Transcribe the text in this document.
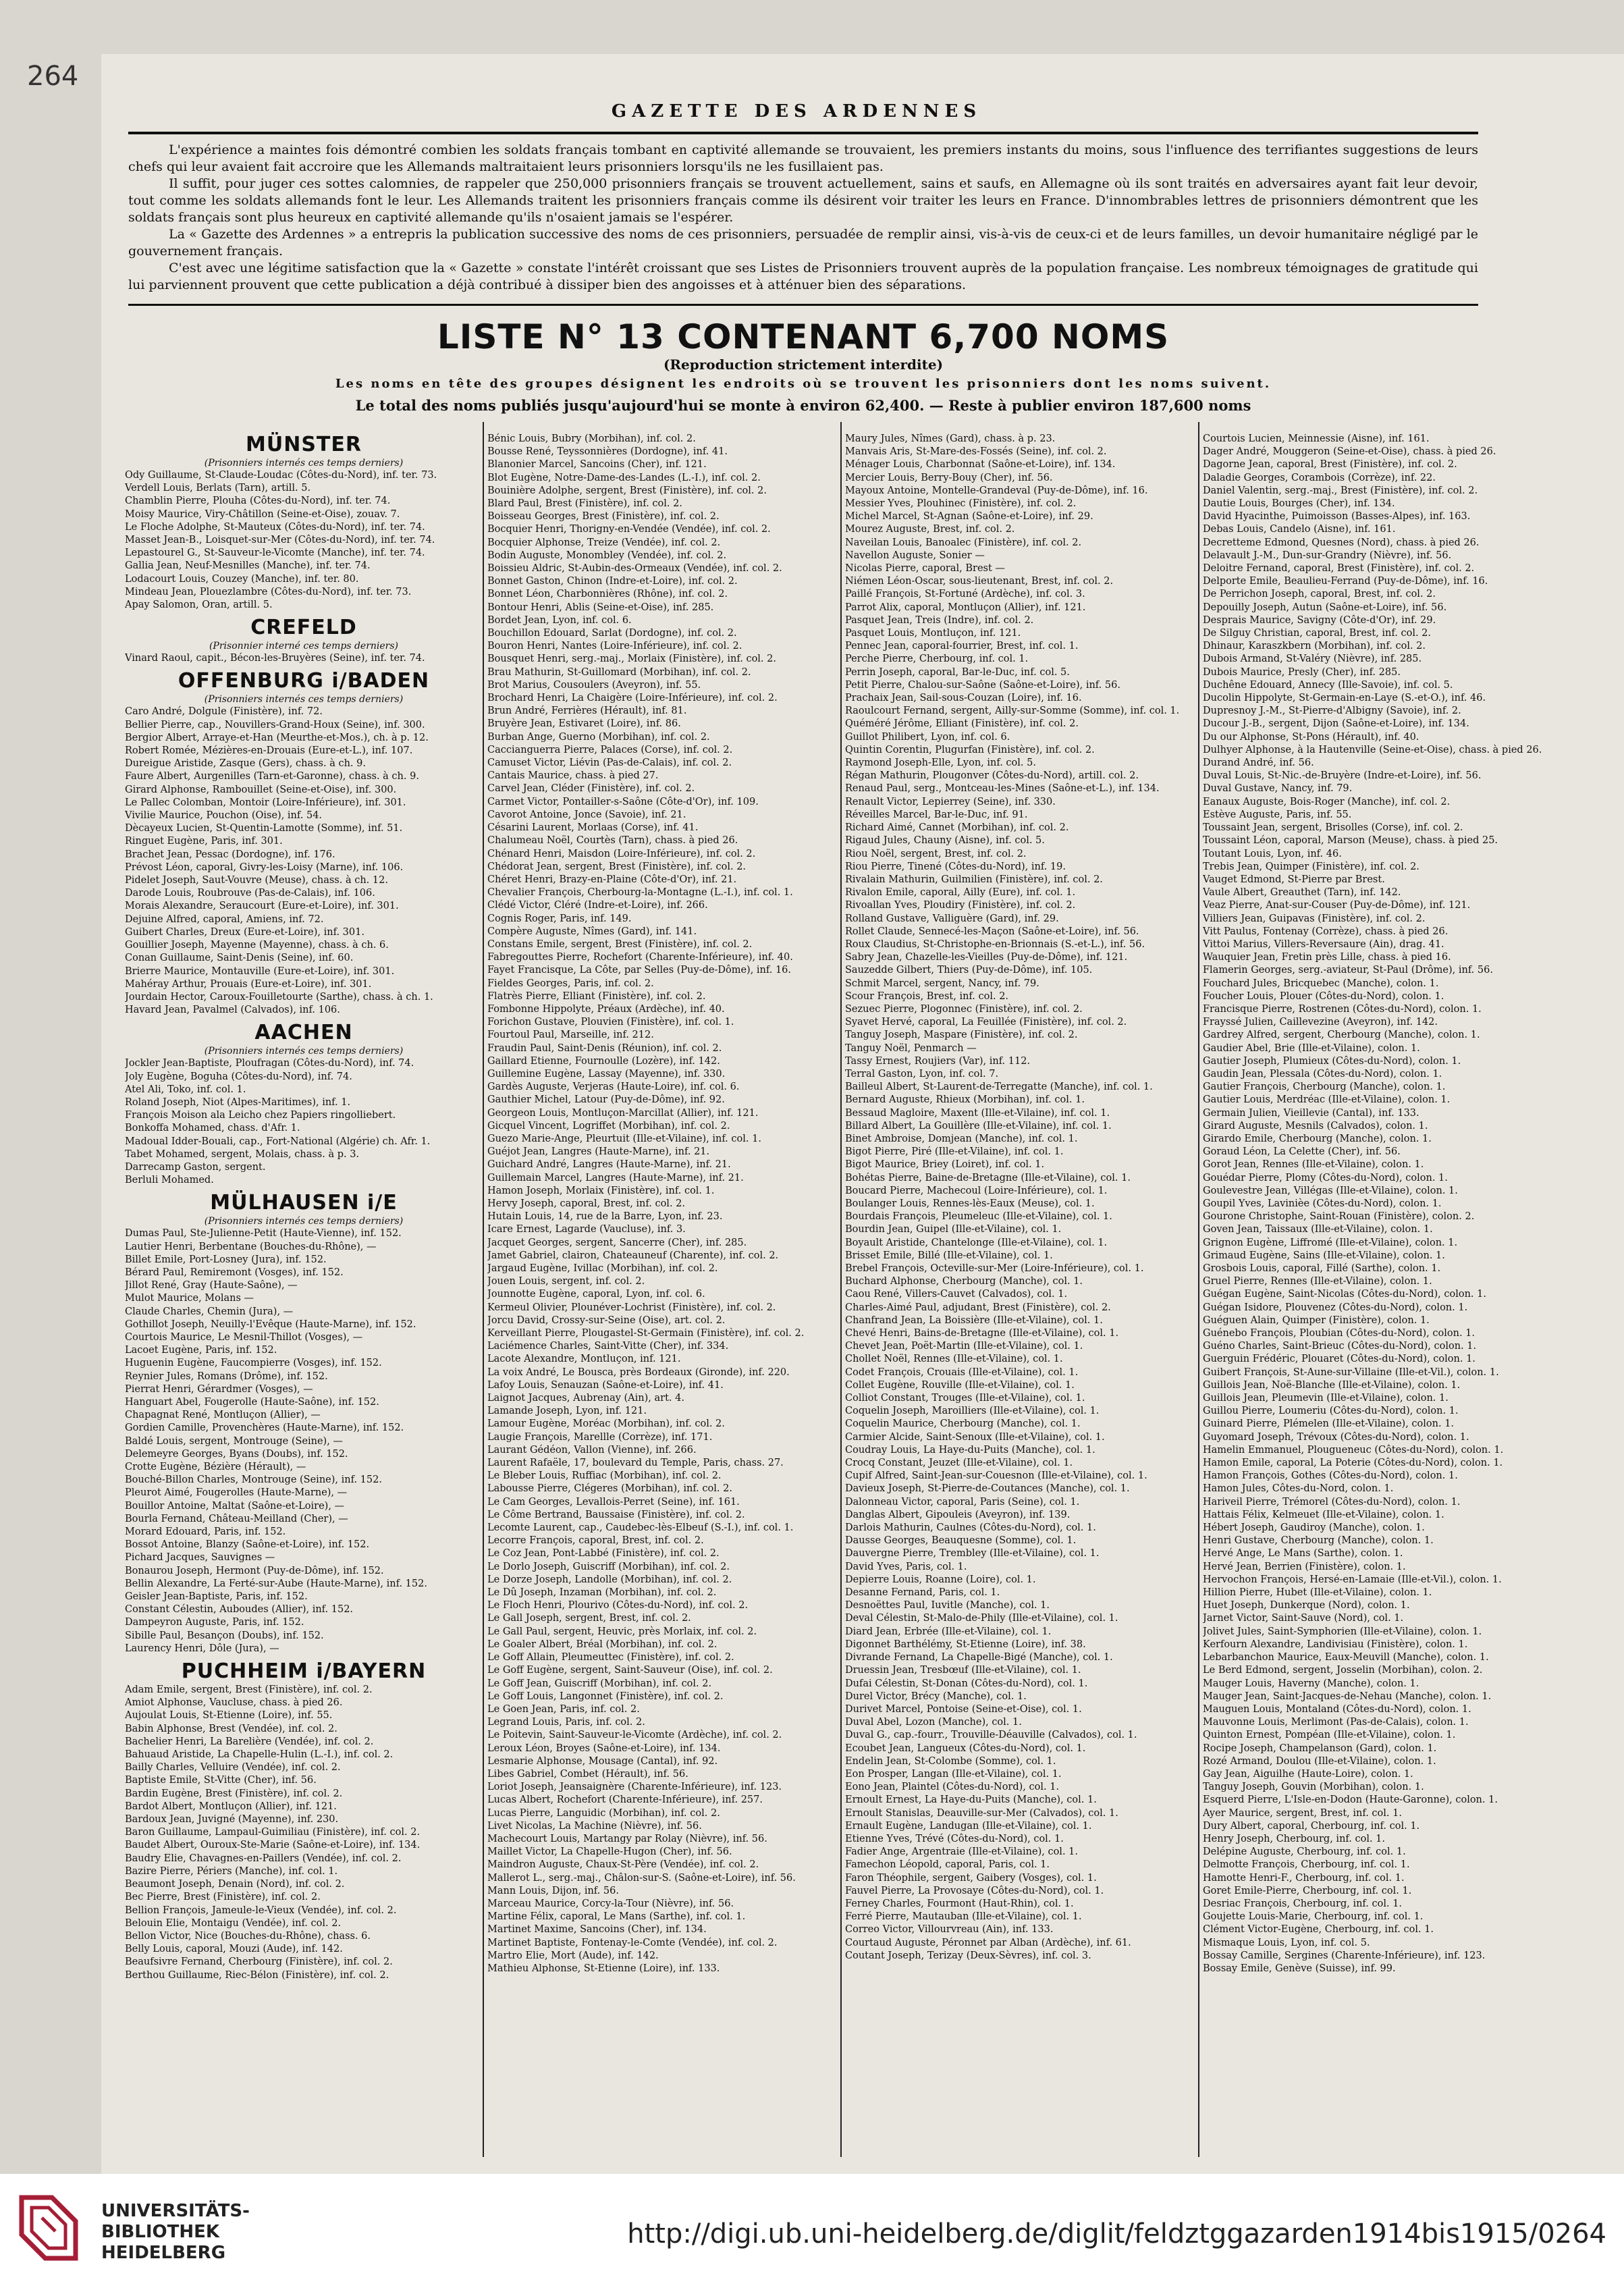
264
GAZETTE DES ARDENNES

L'expérience a maintes fois démontré combien les soldats français tombant en captivité allemande se trouvaient, les premiers instants du moins, sous l'influence des terrifiantes suggestions de leurs chefs qui leur avaient fait accroire que les Allemands maltraitaient leurs prisonniers lorsqu'ils ne les fusillaient pas.

Il suffit, pour juger ces sottes calomnies, de rappeler que 250,000 prisonniers français se trouvent actuellement, sains et saufs, en Allemagne où ils sont traités en adversaires ayant fait leur devoir, tout comme les soldats allemands font le leur. Les Allemands traitent les prisonniers français comme ils désirent voir traiter les leurs en France. D'innombrables lettres de prisonniers démontrent que les soldats français sont plus heureux en captivité allemande qu'ils n'osaient jamais se l'espérer.

La « Gazette des Ardennes » a entrepris la publication successive des noms de ces prisonniers, persuadée de remplir ainsi, vis-à-vis de ceux-ci et de leurs familles, un devoir humanitaire négligé par le gouvernement français.

C'est avec une légitime satisfaction que la « Gazette » constate l'intérêt croissant que ses Listes de Prisonniers trouvent auprès de la population française. Les nombreux témoignages de gratitude qui lui parviennent prouvent que cette publication a déjà contribué à dissiper bien des angoisses et à atténuer bien des séparations.

LISTE N° 13 CONTENANT 6,700 NOMS
(Reproduction strictement interdite)
Les noms en tête des groupes désignent les endroits où se trouvent les prisonniers dont les noms suivent.
Le total des noms publiés jusqu'aujourd'hui se monte à environ 62,400. — Reste à publier environ 187,600 noms
MÜNSTER
(Prisonniers internés ces temps derniers)
Ody Guillaume, St-Claude-Loudac (Côtes-du-Nord), inf. ter. 73.
Verdell Louis, Berlats (Tarn), artill. 5.
Chamblin Pierre, Plouha (Côtes-du-Nord), inf. ter. 74.
Moisy Maurice, Viry-Châtillon (Seine-et-Oise), zouav. 7.
Le Floche Adolphe, St-Mauteux (Côtes-du-Nord), inf. ter. 74.
Masset Jean-B., Loisquet-sur-Mer (Côtes-du-Nord), inf. ter. 74.
Lepastourel G., St-Sauveur-le-Vicomte (Manche), inf. ter. 74.
Gallia Jean, Neuf-Mesnilles (Manche), inf. ter. 74.
Lodacourt Louis, Couzey (Manche), inf. ter. 80.
Mindeau Jean, Plouezlambre (Côtes-du-Nord), inf. ter. 73.
Apay Salomon, Oran, artill. 5.
CREFELD
(Prisonnier interné ces temps derniers)
Vinard Raoul, capit., Bécon-les-Bruyères (Seine), inf. ter. 74.
OFFENBURG i/BADEN
(Prisonniers internés ces temps derniers)
Caro André, Dolgule (Finistère), inf. 72.
Bellier Pierre, cap., Nouvillers-Grand-Houx (Seine), inf. 300.
Bergior Albert, Arraye-et-Han (Meurthe-et-Mos.), ch. à p. 12.
Robert Romée, Mézières-en-Drouais (Eure-et-L.), inf. 107.
Dureigue Aristide, Zasque (Gers), chass. à ch. 9.
Faure Albert, Aurgenilles (Tarn-et-Garonne), chass. à ch. 9.
Girard Alphonse, Rambouillet (Seine-et-Oise), inf. 300.
Le Pallec Colomban, Montoir (Loire-Inférieure), inf. 301.
Vivilie Maurice, Pouchon (Oise), inf. 54.
Dècayeux Lucien, St-Quentin-Lamotte (Somme), inf. 51.
Ringuet Eugène, Paris, inf. 301.
Brachet Jean, Pessac (Dordogne), inf. 176.
Prévost Léon, caporal, Givry-les-Loisy (Marne), inf. 106.
Pidelet Joseph, Saut-Vouvre (Meuse), chass. à ch. 12.
Darode Louis, Roubrouve (Pas-de-Calais), inf. 106.
Morais Alexandre, Seraucourt (Eure-et-Loire), inf. 301.
Dejuine Alfred, caporal, Amiens, inf. 72.
Guibert Charles, Dreux (Eure-et-Loire), inf. 301.
Gouillier Joseph, Mayenne (Mayenne), chass. à ch. 6.
Conan Guillaume, Saint-Denis (Seine), inf. 60.
Brierre Maurice, Montauville (Eure-et-Loire), inf. 301.
Mahéray Arthur, Prouais (Eure-et-Loire), inf. 301.
Jourdain Hector, Caroux-Fouilletourte (Sarthe), chass. à ch. 1.
Havard Jean, Pavalmel (Calvados), inf. 106.
AACHEN
(Prisonniers internés ces temps derniers)
Jockler Jean-Baptiste, Ploufragan (Côtes-du-Nord), inf. 74.
Joly Eugène, Boguha (Côtes-du-Nord), inf. 74.
Atel Ali, Toko, inf. col. 1.
Roland Joseph, Niot (Alpes-Maritimes), inf. 1.
François Moison ala Leicho chez Papiers ringolliebert.
Bonkoffa Mohamed, chass. d'Afr. 1.
Madoual Idder-Bouali, cap., Fort-National (Algérie) ch. Afr. 1.
Tabet Mohamed, sergent, Molais, chass. à p. 3.
Darrecamp Gaston, sergent.
Berluli Mohamed.
MÜLHAUSEN i/E
(Prisonniers internés ces temps derniers)
Dumas Paul, Ste-Julienne-Petit (Haute-Vienne), inf. 152.
Lautier Henri, Berbentane (Bouches-du-Rhône), —
Billet Emile, Port-Losney (Jura), inf. 152.
Bérard Paul, Remiremont (Vosges), inf. 152.
Jillot René, Gray (Haute-Saône), —
Mulot Maurice, Molans —
Claude Charles, Chemin (Jura), —
Gothillot Joseph, Neuilly-l'Evêque (Haute-Marne), inf. 152.
Courtois Maurice, Le Mesnil-Thillot (Vosges), —
Lacoet Eugène, Paris, inf. 152.
Huguenin Eugène, Faucompierre (Vosges), inf. 152.
Reynier Jules, Romans (Drôme), inf. 152.
Pierrat Henri, Gérardmer (Vosges), —
Hanguart Abel, Fougerolle (Haute-Saône), inf. 152.
Chapagnat René, Montluçon (Allier), —
Gordien Camille, Provenchères (Haute-Marne), inf. 152.
Baldé Louis, sergent, Montrouge (Seine), —
Delemeyre Georges, Byans (Doubs), inf. 152.
Crotte Eugène, Bézière (Hérault), —
Bouché-Billon Charles, Montrouge (Seine), inf. 152.
Pleurot Aimé, Fougerolles (Haute-Marne), —
Bouillor Antoine, Maltat (Saône-et-Loire), —
Bourla Fernand, Château-Meilland (Cher), —
Morard Edouard, Paris, inf. 152.
Bossot Antoine, Blanzy (Saône-et-Loire), inf. 152.
Pichard Jacques, Sauvignes —
Bonaurou Joseph, Hermont (Puy-de-Dôme), inf. 152.
Bellin Alexandre, La Ferté-sur-Aube (Haute-Marne), inf. 152.
Geisler Jean-Baptiste, Paris, inf. 152.
Constant Célestin, Auboudes (Allier), inf. 152.
Dampeyron Auguste, Paris, inf. 152.
Sibille Paul, Besançon (Doubs), inf. 152.
Laurency Henri, Dôle (Jura), —
PUCHHEIM i/BAYERN
Adam Emile, sergent, Brest (Finistère), inf. col. 2.
Amiot Alphonse, Vaucluse, chass. à pied 26.
Aujoulat Louis, St-Etienne (Loire), inf. 55.
Babin Alphonse, Brest (Vendée), inf. col. 2.
Bachelier Henri, La Barelière (Vendée), inf. col. 2.
Bahuaud Aristide, La Chapelle-Hulin (L.-I.), inf. col. 2.
Bailly Charles, Velluire (Vendée), inf. col. 2.
Baptiste Emile, St-Vitte (Cher), inf. 56.
Bardin Eugène, Brest (Finistère), inf. col. 2.
Bardot Albert, Montluçon (Allier), inf. 121.
Bardoux Jean, Juvigné (Mayenne), inf. 230.
Baron Guillaume, Lampaul-Guimiliau (Finistère), inf. col. 2.
Baudet Albert, Ouroux-Ste-Marie (Saône-et-Loire), inf. 134.
Baudry Elie, Chavagnes-en-Paillers (Vendée), inf. col. 2.
Bazire Pierre, Périers (Manche), inf. col. 1.
Beaumont Joseph, Denain (Nord), inf. col. 2.
Bec Pierre, Brest (Finistère), inf. col. 2.
Bellion François, Jameule-le-Vieux (Vendée), inf. col. 2.
Belouin Elie, Montaigu (Vendée), inf. col. 2.
Bellon Victor, Nice (Bouches-du-Rhône), chass. 6.
Belly Louis, caporal, Mouzi (Aude), inf. 142.
Beaufsivre Fernand, Cherbourg (Finistère), inf. col. 2.
Berthou Guillaume, Riec-Bélon (Finistère), inf. col. 2.
Bénic Louis, Bubry (Morbihan), inf. col. 2.
Bousse René, Teyssonnières (Dordogne), inf. 41.
Blanonier Marcel, Sancoins (Cher), inf. 121.
Blot Eugène, Notre-Dame-des-Landes (L.-I.), inf. col. 2.
Bouinière Adolphe, sergent, Brest (Finistère), inf. col. 2.
Blard Paul, Brest (Finistère), inf. col. 2.
Boisseau Georges, Brest (Finistère), inf. col. 2.
Bocquier Henri, Thorigny-en-Vendée (Vendée), inf. col. 2.
Bocquier Alphonse, Treize (Vendée), inf. col. 2.
Bodin Auguste, Monombley (Vendée), inf. col. 2.
Boissieu Aldric, St-Aubin-des-Ormeaux (Vendée), inf. col. 2.
Bonnet Gaston, Chinon (Indre-et-Loire), inf. col. 2.
Bonnet Léon, Charbonnières (Rhône), inf. col. 2.
Bontour Henri, Ablis (Seine-et-Oise), inf. 285.
Bordet Jean, Lyon, inf. col. 6.
Bouchillon Edouard, Sarlat (Dordogne), inf. col. 2.
Bouron Henri, Nantes (Loire-Inférieure), inf. col. 2.
Bousquet Henri, serg.-maj., Morlaix (Finistère), inf. col. 2.
Brau Mathurin, St-Guillomard (Morbihan), inf. col. 2.
Brot Marius, Cousoulers (Aveyron), inf. 55.
Brochard Henri, La Chaigère (Loire-Inférieure), inf. col. 2.
Brun André, Ferrières (Hérault), inf. 81.
Bruyère Jean, Estivaret (Loire), inf. 86.
Burban Ange, Guerno (Morbihan), inf. col. 2.
Caccianguerra Pierre, Palaces (Corse), inf. col. 2.
Camuset Victor, Liévin (Pas-de-Calais), inf. col. 2.
Cantais Maurice, chass. à pied 27.
Carvel Jean, Cléder (Finistère), inf. col. 2.
Carmet Victor, Pontailler-s-Saône (Côte-d'Or), inf. 109.
Cavorot Antoine, Jonce (Savoie), inf. 21.
Césarini Laurent, Morlaas (Corse), inf. 41.
Chalumeau Noël, Courtès (Tarn), chass. à pied 26.
Chénard Henri, Maisdon (Loire-Inférieure), inf. col. 2.
Chédorat Jean, sergent, Brest (Finistère), inf. col. 2.
Chéret Henri, Brazy-en-Plaine (Côte-d'Or), inf. 21.
Chevalier François, Cherbourg-la-Montagne (L.-I.), inf. col. 1.
Clédé Victor, Cléré (Indre-et-Loire), inf. 266.
Cognis Roger, Paris, inf. 149.
Compère Auguste, Nîmes (Gard), inf. 141.
Constans Emile, sergent, Brest (Finistère), inf. col. 2.
Fabregouttes Pierre, Rochefort (Charente-Inférieure), inf. 40.
Fayet Francisque, La Côte, par Selles (Puy-de-Dôme), inf. 16.
Fieldes Georges, Paris, inf. col. 2.
Flatrès Pierre, Elliant (Finistère), inf. col. 2.
Fombonne Hippolyte, Préaux (Ardèche), inf. 40.
Forichon Gustave, Plouvien (Finistère), inf. col. 1.
Fourtoul Paul, Marseille, inf. 212.
Fraudin Paul, Saint-Denis (Réunion), inf. col. 2.
Gaillard Etienne, Fournoulle (Lozère), inf. 142.
Guillemine Eugène, Lassay (Mayenne), inf. 330.
Gardès Auguste, Verjeras (Haute-Loire), inf. col. 6.
Gauthier Michel, Latour (Puy-de-Dôme), inf. 92.
Georgeon Louis, Montluçon-Marcillat (Allier), inf. 121.
Gicquel Vincent, Logriffet (Morbihan), inf. col. 2.
Guezo Marie-Ange, Pleurtuit (Ille-et-Vilaine), inf. col. 1.
Guéjot Jean, Langres (Haute-Marne), inf. 21.
Guichard André, Langres (Haute-Marne), inf. 21.
Guillemain Marcel, Langres (Haute-Marne), inf. 21.
Hamon Joseph, Morlaix (Finistère), inf. col. 1.
Hervy Joseph, caporal, Brest, inf. col. 2.
Hutain Louis, 14, rue de la Barre, Lyon, inf. 23.
Icare Ernest, Lagarde (Vaucluse), inf. 3.
Jacquet Georges, sergent, Sancerre (Cher), inf. 285.
Jamet Gabriel, clairon, Chateauneuf (Charente), inf. col. 2.
Jargaud Eugène, Ivillac (Morbihan), inf. col. 2.
Jouen Louis, sergent, inf. col. 2.
Jounnotte Eugène, caporal, Lyon, inf. col. 6.
Kermeul Olivier, Plounéver-Lochrist (Finistère), inf. col. 2.
Jorcu David, Crossy-sur-Seine (Oise), art. col. 2.
Kerveillant Pierre, Plougastel-St-Germain (Finistère), inf. col. 2.
Laciémence Charles, Saint-Vitte (Cher), inf. 334.
Lacote Alexandre, Montluçon, inf. 121.
La voix André, Le Bousca, près Bordeaux (Gironde), inf. 220.
Lafoy Louis, Senauzan (Saône-et-Loire), inf. 41.
Laignot Jacques, Aubrenay (Ain), art. 4.
Lamande Joseph, Lyon, inf. 121.
Lamour Eugène, Moréac (Morbihan), inf. col. 2.
Laugie François, Marellle (Corrèze), inf. 171.
Laurant Gédéon, Vallon (Vienne), inf. 266.
Laurent Rafaële, 17, boulevard du Temple, Paris, chass. 27.
Le Bleber Louis, Ruffiac (Morbihan), inf. col. 2.
Labousse Pierre, Clégeres (Morbihan), inf. col. 2.
Le Cam Georges, Levallois-Perret (Seine), inf. 161.
Le Côme Bertrand, Baussaise (Finistère), inf. col. 2.
Lecomte Laurent, cap., Caudebec-lès-Elbeuf (S.-I.), inf. col. 1.
Lecorre François, caporal, Brest, inf. col. 2.
Le Coz Jean, Pont-Labbé (Finistère), inf. col. 2.
Le Dorlo Joseph, Guiscriff (Morbihan), inf. col. 2.
Le Dorze Joseph, Landolle (Morbihan), inf. col. 2.
Le Dû Joseph, Inzaman (Morbihan), inf. col. 2.
Le Floch Henri, Plourivo (Côtes-du-Nord), inf. col. 2.
Le Gall Joseph, sergent, Brest, inf. col. 2.
Le Gall Paul, sergent, Heuvic, près Morlaix, inf. col. 2.
Le Goaler Albert, Bréal (Morbihan), inf. col. 2.
Le Goff Allain, Pleumeuttec (Finistère), inf. col. 2.
Le Goff Eugène, sergent, Saint-Sauveur (Oise), inf. col. 2.
Le Goff Jean, Guiscriff (Morbihan), inf. col. 2.
Le Goff Louis, Langonnet (Finistère), inf. col. 2.
Le Goen Jean, Paris, inf. col. 2.
Legrand Louis, Paris, inf. col. 2.
Le Poitevin, Saint-Sauveur-le-Vicomte (Ardèche), inf. col. 2.
Leroux Léon, Broyes (Saône-et-Loire), inf. 134.
Lesmarie Alphonse, Mousage (Cantal), inf. 92.
Libes Gabriel, Combet (Hérault), inf. 56.
Loriot Joseph, Jeansaignère (Charente-Inférieure), inf. 123.
Lucas Albert, Rochefort (Charente-Inférieure), inf. 257.
Lucas Pierre, Languidic (Morbihan), inf. col. 2.
Livet Nicolas, La Machine (Nièvre), inf. 56.
Machecourt Louis, Martangy par Rolay (Nièvre), inf. 56.
Maillet Victor, La Chapelle-Hugon (Cher), inf. 56.
Maindron Auguste, Chaux-St-Père (Vendée), inf. col. 2.
Mallerot L., serg.-maj., Châlon-sur-S. (Saône-et-Loire), inf. 56.
Mann Louis, Dijon, inf. 56.
Marceau Maurice, Corcy-la-Tour (Nièvre), inf. 56.
Martine Félix, caporal, Le Mans (Sarthe), inf. col. 1.
Martinet Maxime, Sancoins (Cher), inf. 134.
Martinet Baptiste, Fontenay-le-Comte (Vendée), inf. col. 2.
Martro Elie, Mort (Aude), inf. 142.
Mathieu Alphonse, St-Etienne (Loire), inf. 133.
Maury Jules, Nîmes (Gard), chass. à p. 23.
Manvais Aris, St-Mare-des-Fossés (Seine), inf. col. 2.
Ménager Louis, Charbonnat (Saône-et-Loire), inf. 134.
Mercier Louis, Berry-Bouy (Cher), inf. 56.
Mayoux Antoine, Montelle-Grandeval (Puy-de-Dôme), inf. 16.
Messier Yves, Plouhinec (Finistère), inf. col. 2.
Michel Marcel, St-Agnan (Saône-et-Loire), inf. 29.
Mourez Auguste, Brest, inf. col. 2.
Naveilan Louis, Banoalec (Finistère), inf. col. 2.
Navellon Auguste, Sonier —
Nicolas Pierre, caporal, Brest —
Niémen Léon-Oscar, sous-lieutenant, Brest, inf. col. 2.
Paillé François, St-Fortuné (Ardèche), inf. col. 3.
Parrot Alix, caporal, Montluçon (Allier), inf. 121.
Pasquet Jean, Treis (Indre), inf. col. 2.
Pasquet Louis, Montluçon, inf. 121.
Pennec Jean, caporal-fourrier, Brest, inf. col. 1.
Perche Pierre, Cherbourg, inf. col. 1.
Perrin Joseph, caporal, Bar-le-Duc, inf. col. 5.
Petit Pierre, Chalou-sur-Saône (Saône-et-Loire), inf. 56.
Prachaix Jean, Sail-sous-Couzan (Loire), inf. 16.
Raoulcourt Fernand, sergent, Ailly-sur-Somme (Somme), inf. col. 1.
Quéméré Jérôme, Elliant (Finistère), inf. col. 2.
Guillot Philibert, Lyon, inf. col. 6.
Quintin Corentin, Plugurfan (Finistère), inf. col. 2.
Raymond Joseph-Elle, Lyon, inf. col. 5.
Régan Mathurin, Plougonver (Côtes-du-Nord), artill. col. 2.
Renaud Paul, serg., Montceau-les-Mines (Saône-et-L.), inf. 134.
Renault Victor, Lepierrey (Seine), inf. 330.
Réveilles Marcel, Bar-le-Duc, inf. 91.
Richard Aimé, Cannet (Morbihan), inf. col. 2.
Rigaud Jules, Chauny (Aisne), inf. col. 5.
Riou Noël, sergent, Brest, inf. col. 2.
Riou Pierre, Tinené (Côtes-du-Nord), inf. 19.
Rivalain Mathurin, Guilmilien (Finistère), inf. col. 2.
Rivalon Emile, caporal, Ailly (Eure), inf. col. 1.
Rivoallan Yves, Ploudiry (Finistère), inf. col. 2.
Rolland Gustave, Valliguère (Gard), inf. 29.
Rollet Claude, Sennecé-les-Maçon (Saône-et-Loire), inf. 56.
Roux Claudius, St-Christophe-en-Brionnais (S.-et-L.), inf. 56.
Sabry Jean, Chazelle-les-Vieilles (Puy-de-Dôme), inf. 121.
Sauzedde Gilbert, Thiers (Puy-de-Dôme), inf. 105.
Schmit Marcel, sergent, Nancy, inf. 79.
Scour François, Brest, inf. col. 2.
Sezuec Pierre, Plogonnec (Finistère), inf. col. 2.
Syavet Hervé, caporal, La Feuillée (Finistère), inf. col. 2.
Tanguy Joseph, Maspare (Finistère), inf. col. 2.
Tanguy Noël, Penmarch —
Tassy Ernest, Roujiers (Var), inf. 112.
Terral Gaston, Lyon, inf. col. 7.
Bailleul Albert, St-Laurent-de-Terregatte (Manche), inf. col. 1.
Bernard Auguste, Rhieux (Morbihan), inf. col. 1.
Bessaud Magloire, Maxent (Ille-et-Vilaine), inf. col. 1.
Billard Albert, La Gouillère (Ille-et-Vilaine), inf. col. 1.
Binet Ambroise, Domjean (Manche), inf. col. 1.
Bigot Pierre, Piré (Ille-et-Vilaine), inf. col. 1.
Bigot Maurice, Briey (Loiret), inf. col. 1.
Bohétas Pierre, Baine-de-Bretagne (Ille-et-Vilaine), col. 1.
Boucard Pierre, Machecoul (Loire-Inférieure), col. 1.
Boulanger Louis, Rennes-lès-Eaux (Meuse), col. 1.
Bourdais François, Pleumeleuc (Ille-et-Vilaine), col. 1.
Bourdin Jean, Guipel (Ille-et-Vilaine), col. 1.
Boyault Aristide, Chantelonge (Ille-et-Vilaine), col. 1.
Brisset Emile, Billé (Ille-et-Vilaine), col. 1.
Brebel François, Octeville-sur-Mer (Loire-Inférieure), col. 1.
Buchard Alphonse, Cherbourg (Manche), col. 1.
Caou René, Villers-Cauvet (Calvados), col. 1.
Charles-Aimé Paul, adjudant, Brest (Finistère), col. 2.
Chanfrand Jean, La Boissière (Ille-et-Vilaine), col. 1.
Chevé Henri, Bains-de-Bretagne (Ille-et-Vilaine), col. 1.
Chevet Jean, Poët-Martin (Ille-et-Vilaine), col. 1.
Chollet Noël, Rennes (Ille-et-Vilaine), col. 1.
Codet François, Crouais (Ille-et-Vilaine), col. 1.
Collet Eugène, Rouville (Ille-et-Vilaine), col. 1.
Colliot Constant, Trouges (Ille-et-Vilaine), col. 1.
Coquelin Joseph, Maroilliers (Ille-et-Vilaine), col. 1.
Coquelin Maurice, Cherbourg (Manche), col. 1.
Carmier Alcide, Saint-Senoux (Ille-et-Vilaine), col. 1.
Coudray Louis, La Haye-du-Puits (Manche), col. 1.
Crocq Constant, Jeuzet (Ille-et-Vilaine), col. 1.
Cupif Alfred, Saint-Jean-sur-Couesnon (Ille-et-Vilaine), col. 1.
Davieux Joseph, St-Pierre-de-Coutances (Manche), col. 1.
Dalonneau Victor, caporal, Paris (Seine), col. 1.
Danglas Albert, Gipouleis (Aveyron), inf. 139.
Darlois Mathurin, Caulnes (Côtes-du-Nord), col. 1.
Dausse Georges, Beauquesne (Somme), col. 1.
Dauvergne Pierre, Trembley (Ille-et-Vilaine), col. 1.
David Yves, Paris, col. 1.
Depierre Louis, Roanne (Loire), col. 1.
Desanne Fernand, Paris, col. 1.
Desnoëttes Paul, Iuvitle (Manche), col. 1.
Deval Célestin, St-Malo-de-Phily (Ille-et-Vilaine), col. 1.
Diard Jean, Erbrée (Ille-et-Vilaine), col. 1.
Digonnet Barthélémy, St-Etienne (Loire), inf. 38.
Divrande Fernand, La Chapelle-Bigé (Manche), col. 1.
Druessin Jean, Tresbœuf (Ille-et-Vilaine), col. 1.
Dufai Célestin, St-Donan (Côtes-du-Nord), col. 1.
Durel Victor, Brécy (Manche), col. 1.
Durivet Marcel, Pontoise (Seine-et-Oise), col. 1.
Duval Abel, Lozon (Manche), col. 1.
Duval G., cap.-fourr., Trouville-Déauville (Calvados), col. 1.
Ecoubet Jean, Langueux (Côtes-du-Nord), col. 1.
Endelin Jean, St-Colombe (Somme), col. 1.
Eon Prosper, Langan (Ille-et-Vilaine), col. 1.
Eono Jean, Plaintel (Côtes-du-Nord), col. 1.
Ernoult Ernest, La Haye-du-Puits (Manche), col. 1.
Ernoult Stanislas, Deauville-sur-Mer (Calvados), col. 1.
Ernault Eugène, Landugan (Ille-et-Vilaine), col. 1.
Etienne Yves, Trévé (Côtes-du-Nord), col. 1.
Fadier Ange, Argentraie (Ille-et-Vilaine), col. 1.
Famechon Léopold, caporal, Paris, col. 1.
Faron Théophile, sergent, Gaibery (Vosges), col. 1.
Fauvel Pierre, La Provosaye (Côtes-du-Nord), col. 1.
Ferney Charles, Fourmont (Haut-Rhin), col. 1.
Ferré Pierre, Mautauban (Ille-et-Vilaine), col. 1.
Correo Victor, Villourvreau (Ain), inf. 133.
Courtaud Auguste, Péronnet par Alban (Ardèche), inf. 61.
Coutant Joseph, Terizay (Deux-Sèvres), inf. col. 3.
Courtois Lucien, Meinnessie (Aisne), inf. 161.
Dager André, Mouggeron (Seine-et-Oise), chass. à pied 26.
Dagorne Jean, caporal, Brest (Finistère), inf. col. 2.
Daladie Georges, Corambois (Corrèze), inf. 22.
Daniel Valentin, serg.-maj., Brest (Finistère), inf. col. 2.
Dautie Louis, Bourges (Cher), inf. 134.
David Hyacinthe, Puimoisson (Basses-Alpes), inf. 163.
Debas Louis, Candelo (Aisne), inf. 161.
Decretteme Edmond, Quesnes (Nord), chass. à pied 26.
Delavault J.-M., Dun-sur-Grandry (Nièvre), inf. 56.
Deloitre Fernand, caporal, Brest (Finistère), inf. col. 2.
Delporte Emile, Beaulieu-Ferrand (Puy-de-Dôme), inf. 16.
De Perrichon Joseph, caporal, Brest, inf. col. 2.
Depouilly Joseph, Autun (Saône-et-Loire), inf. 56.
Desprais Maurice, Savigny (Côte-d'Or), inf. 29.
De Silguy Christian, caporal, Brest, inf. col. 2.
Dhinaur, Karaszkbern (Morbihan), inf. col. 2.
Dubois Armand, St-Valéry (Nièvre), inf. 285.
Dubois Maurice, Presly (Cher), inf. 285.
Duchêne Edouard, Annecy (Ille-Savoie), inf. col. 5.
Ducolin Hippolyte, St-Germain-en-Laye (S.-et-O.), inf. 46.
Dupresnoy J.-M., St-Pierre-d'Albigny (Savoie), inf. 2.
Ducour J.-B., sergent, Dijon (Saône-et-Loire), inf. 134.
Du our Alphonse, St-Pons (Hérault), inf. 40.
Dulhyer Alphonse, à la Hautenville (Seine-et-Oise), chass. à pied 26.
Durand André, inf. 56.
Duval Louis, St-Nic.-de-Bruyère (Indre-et-Loire), inf. 56.
Duval Gustave, Nancy, inf. 79.
Eanaux Auguste, Bois-Roger (Manche), inf. col. 2.
Estève Auguste, Paris, inf. 55.
Toussaint Jean, sergent, Brisolles (Corse), inf. col. 2.
Toussaint Léon, caporal, Marson (Meuse), chass. à pied 25.
Toutant Louis, Lyon, inf. 46.
Trebis Jean, Quimper (Finistère), inf. col. 2.
Vauget Edmond, St-Pierre par Brest.
Vaule Albert, Greauthet (Tarn), inf. 142.
Veaz Pierre, Anat-sur-Couser (Puy-de-Dôme), inf. 121.
Villiers Jean, Guipavas (Finistère), inf. col. 2.
Vitt Paulus, Fontenay (Corrèze), chass. à pied 26.
Vittoi Marius, Villers-Reversaure (Ain), drag. 41.
Wauquier Jean, Fretin près Lille, chass. à pied 16.
Flamerin Georges, serg.-aviateur, St-Paul (Drôme), inf. 56.
Fouchard Jules, Bricquebec (Manche), colon. 1.
Foucher Louis, Plouer (Côtes-du-Nord), colon. 1.
Francisque Pierre, Rostrenen (Côtes-du-Nord), colon. 1.
Frayssé Julien, Caillevezine (Aveyron), inf. 142.
Gardrey Alfred, sergent, Cherbourg (Manche), colon. 1.
Gaudier Abel, Brie (Ille-et-Vilaine), colon. 1.
Gautier Joseph, Plumieux (Côtes-du-Nord), colon. 1.
Gaudin Jean, Plessala (Côtes-du-Nord), colon. 1.
Gautier François, Cherbourg (Manche), colon. 1.
Gautier Louis, Merdréac (Ille-et-Vilaine), colon. 1.
Germain Julien, Vieillevie (Cantal), inf. 133.
Girard Auguste, Mesnils (Calvados), colon. 1.
Girardo Emile, Cherbourg (Manche), colon. 1.
Goraud Léon, La Celette (Cher), inf. 56.
Gorot Jean, Rennes (Ille-et-Vilaine), colon. 1.
Gouédar Pierre, Plomy (Côtes-du-Nord), colon. 1.
Goulevestre Jean, Villégas (Ille-et-Vilaine), colon. 1.
Goupil Yves, Lavinièe (Côtes-du-Nord), colon. 1.
Gourone Christophe, Saint-Rouan (Finistère), colon. 2.
Goven Jean, Taissaux (Ille-et-Vilaine), colon. 1.
Grignon Eugène, Liffromé (Ille-et-Vilaine), colon. 1.
Grimaud Eugène, Sains (Ille-et-Vilaine), colon. 1.
Grosbois Louis, caporal, Fillé (Sarthe), colon. 1.
Gruel Pierre, Rennes (Ille-et-Vilaine), colon. 1.
Guégan Eugène, Saint-Nicolas (Côtes-du-Nord), colon. 1.
Guégan Isidore, Plouvenez (Côtes-du-Nord), colon. 1.
Guéguen Alain, Quimper (Finistère), colon. 1.
Guénebo François, Ploubian (Côtes-du-Nord), colon. 1.
Guéno Charles, Saint-Brieuc (Côtes-du-Nord), colon. 1.
Guerguin Frédéric, Plouaret (Côtes-du-Nord), colon. 1.
Guibert François, St-Aune-sur-Villaine (Ille-et-Vil.), colon. 1.
Guillois Jean, Noë-Blanche (Ille-et-Vilaine), colon. 1.
Guillois Jean, Pleumevin (Ille-et-Vilaine), colon. 1.
Guillou Pierre, Loumeriu (Côtes-du-Nord), colon. 1.
Guinard Pierre, Plémelen (Ille-et-Vilaine), colon. 1.
Guyomard Joseph, Trévoux (Côtes-du-Nord), colon. 1.
Hamelin Emmanuel, Plougueneuc (Côtes-du-Nord), colon. 1.
Hamon Emile, caporal, La Poterie (Côtes-du-Nord), colon. 1.
Hamon François, Gothes (Côtes-du-Nord), colon. 1.
Hamon Jules, Côtes-du-Nord, colon. 1.
Hariveil Pierre, Trémorel (Côtes-du-Nord), colon. 1.
Hattais Félix, Kelmeuet (Ille-et-Vilaine), colon. 1.
Hébert Joseph, Gaudiroy (Manche), colon. 1.
Henri Gustave, Cherbourg (Manche), colon. 1.
Hervé Ange, Le Mans (Sarthe), colon. 1.
Hervé Jean, Berrien (Finistère), colon. 1.
Hervochon François, Hersé-en-Lamaie (Ille-et-Vil.), colon. 1.
Hillion Pierre, Hubet (Ille-et-Vilaine), colon. 1.
Huet Joseph, Dunkerque (Nord), colon. 1.
Jarnet Victor, Saint-Sauve (Nord), col. 1.
Jolivet Jules, Saint-Symphorien (Ille-et-Vilaine), colon. 1.
Kerfourn Alexandre, Landivisiau (Finistère), colon. 1.
Lebarbanchon Maurice, Eaux-Meuvill (Manche), colon. 1.
Le Berd Edmond, sergent, Josselin (Morbihan), colon. 2.
Mauger Louis, Haverny (Manche), colon. 1.
Mauger Jean, Saint-Jacques-de-Nehau (Manche), colon. 1.
Mauguen Louis, Montaland (Côtes-du-Nord), colon. 1.
Mauvonne Louis, Merlimont (Pas-de-Calais), colon. 1.
Quinton Ernest, Pompéan (Ille-et-Vilaine), colon. 1.
Rocipe Joseph, Champelanson (Gard), colon. 1.
Rozé Armand, Doulou (Ille-et-Vilaine), colon. 1.
Gay Jean, Aiguilhe (Haute-Loire), colon. 1.
Tanguy Joseph, Gouvin (Morbihan), colon. 1.
Esquerd Pierre, L'Isle-en-Dodon (Haute-Garonne), colon. 1.
Ayer Maurice, sergent, Brest, inf. col. 1.
Dury Albert, caporal, Cherbourg, inf. col. 1.
Henry Joseph, Cherbourg, inf. col. 1.
Delépine Auguste, Cherbourg, inf. col. 1.
Delmotte François, Cherbourg, inf. col. 1.
Hamotte Henri-F., Cherbourg, inf. col. 1.
Goret Emile-Pierre, Cherbourg, inf. col. 1.
Desriac François, Cherbourg, inf. col. 1.
Goujette Louis-Marie, Cherbourg, inf. col. 1.
Clément Victor-Eugène, Cherbourg, inf. col. 1.
Mismaque Louis, Lyon, inf. col. 5.
Bossay Camille, Sergines (Charente-Inférieure), inf. 123.
Bossay Emile, Genève (Suisse), inf. 99.
UNIVERSITÄTS-
BIBLIOTHEK
HEIDELBERG
http://digi.ub.uni-heidelberg.de/diglit/feldztggazarden1914bis1915/0264
